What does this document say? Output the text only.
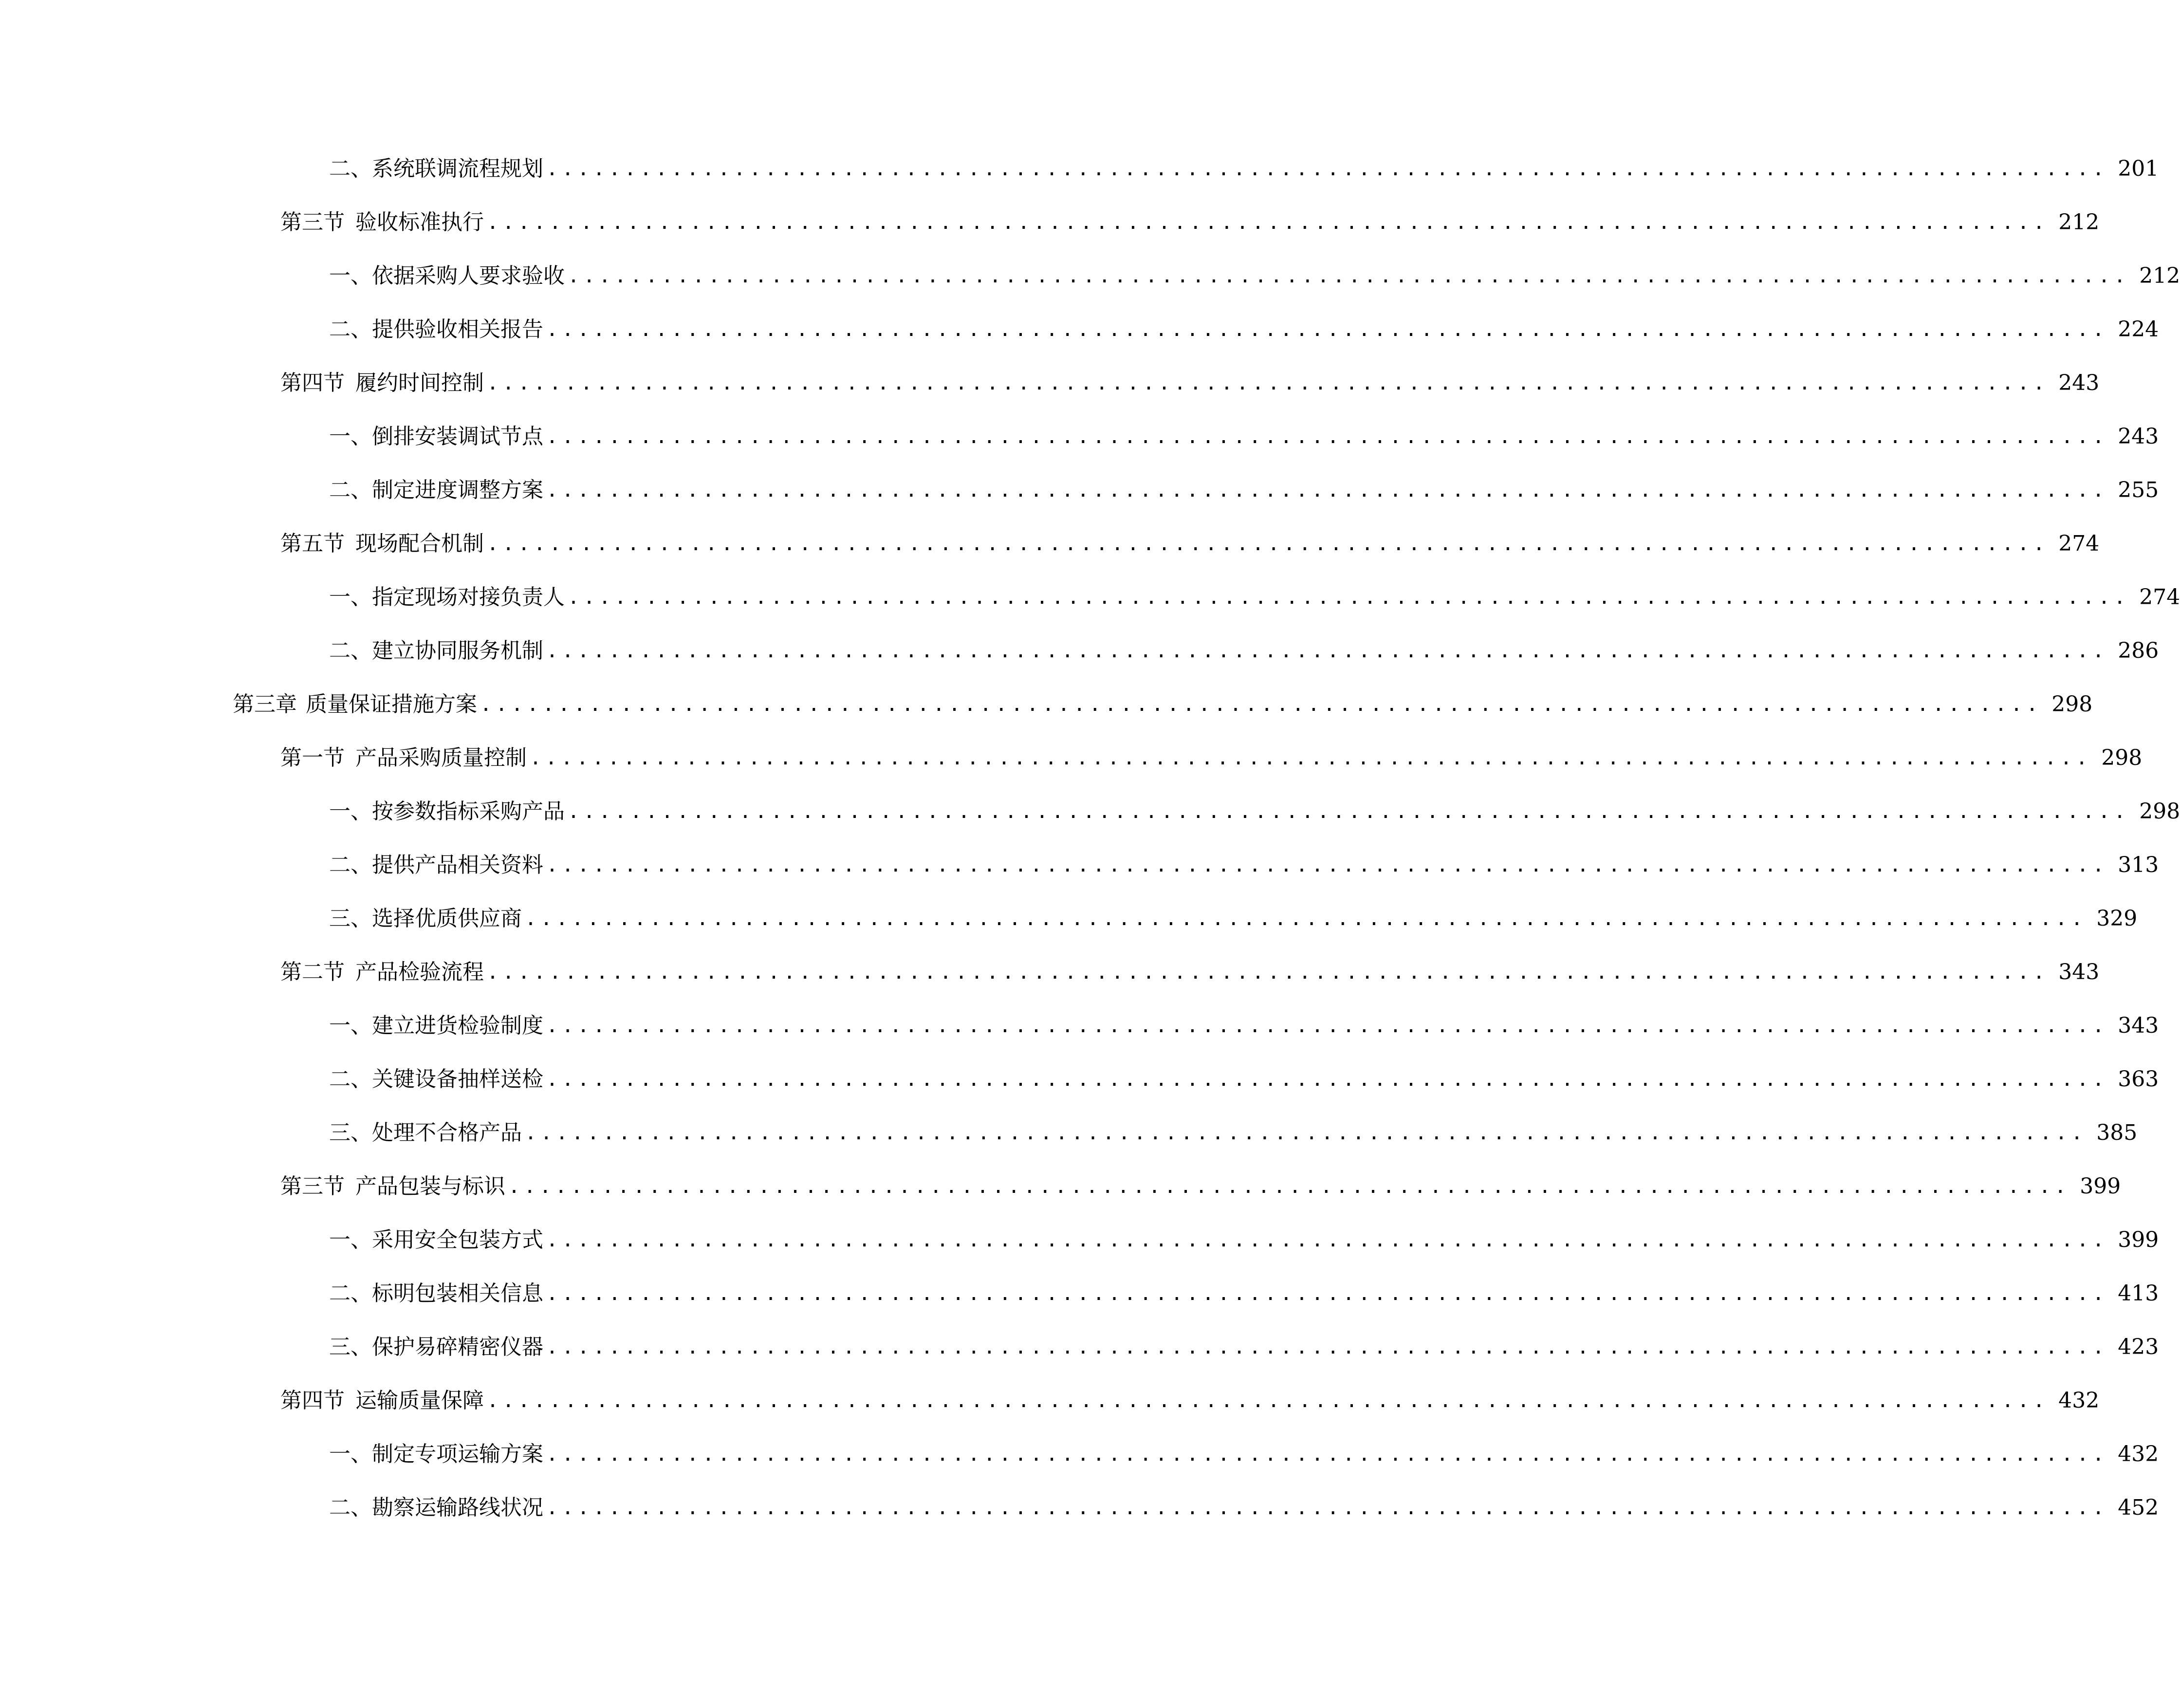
二、 系统联调流程规划 .................................................................................................... 201
第三节 验收标准执行 .................................................................................................... 212
一、 依据采购人要求验收 .................................................................................................... 212
二、 提供验收相关报告 .................................................................................................... 224
第四节 履约时间控制 .................................................................................................... 243
一、 倒排安装调试节点 .................................................................................................... 243
二、 制定进度调整方案 .................................................................................................... 255
第五节 现场配合机制 .................................................................................................... 274
一、 指定现场对接负责人 .................................................................................................... 274
二、 建立协同服务机制 .................................................................................................... 286
第三章 质量保证措施方案 .................................................................................................... 298
第一节 产品采购质量控制 .................................................................................................... 298
一、 按参数指标采购产品 .................................................................................................... 298
二、 提供产品相关资料 .................................................................................................... 313
三、 选择优质供应商 .................................................................................................... 329
第二节 产品检验流程 .................................................................................................... 343
一、 建立进货检验制度 .................................................................................................... 343
二、 关键设备抽样送检 .................................................................................................... 363
三、 处理不合格产品 .................................................................................................... 385
第三节 产品包装与标识 .................................................................................................... 399
一、 采用安全包装方式 .................................................................................................... 399
二、 标明包装相关信息 .................................................................................................... 413
三、 保护易碎精密仪器 .................................................................................................... 423
第四节 运输质量保障 .................................................................................................... 432
一、 制定专项运输方案 .................................................................................................... 432
二、 勘察运输路线状况 .................................................................................................... 452
